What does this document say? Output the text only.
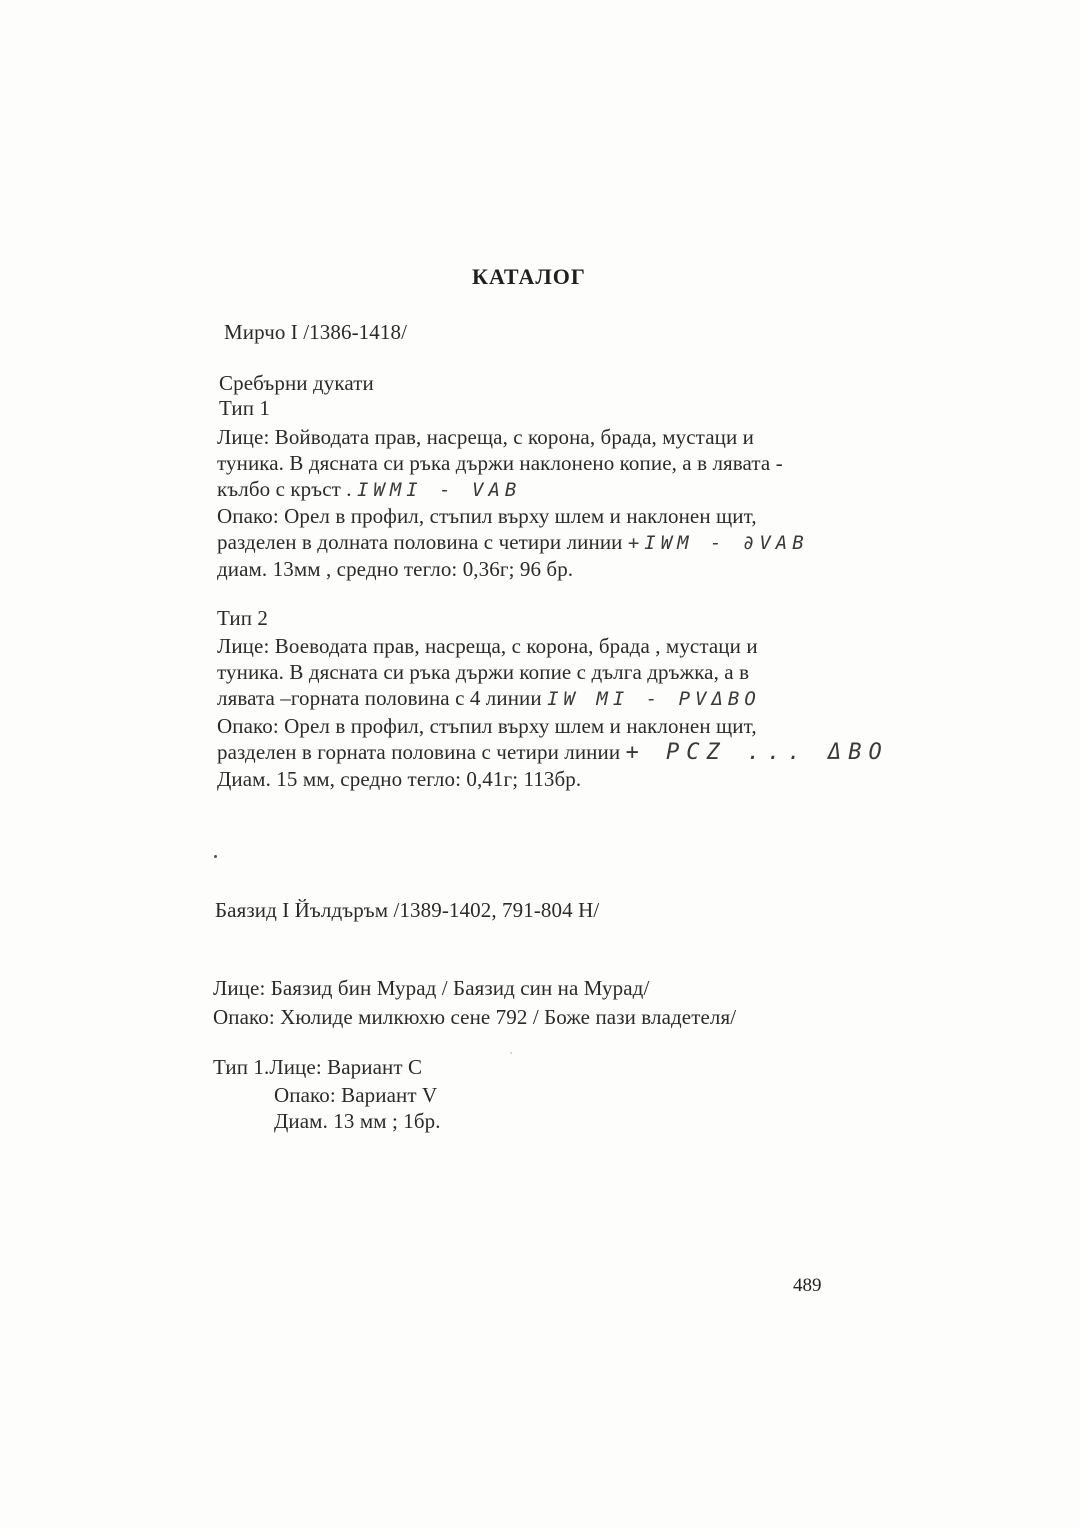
КАТАЛОГ
Мирчо I /1386-1418/
Сребърни дукати
Тип 1
Лице: Войводата прав, насреща, с корона, брада, мустаци и
туника. В дясната си ръка държи наклонено копие, а в лявата -
кълбо с кръст . IWMI - VAB
Опако: Орел в профил, стъпил върху шлем и наклонен щит,
разделен в долната половина с четири линии +IWM - ∂VAB
диам. 13мм , средно тегло: 0,36г; 96 бр.
Тип 2
Лице: Воеводата прав, насреща, с корона, брада , мустаци и
туника. В дясната си ръка държи копие с дълга дръжка, а в
лявата –горната половина с 4 линии IW MI - PVΔBO
Опако: Орел в профил, стъпил върху шлем и наклонен щит,
разделен в горната половина с четири линии + PCZ ... ΔBO
Диам. 15 мм, средно тегло: 0,41г; 113бр.
Баязид I Йълдъръм /1389-1402, 791-804 H/
Лице: Баязид бин Мурад / Баязид син на Мурад/
Опако: Хюлиде милкюхю сене 792 / Боже пази владетеля/
Тип 1.Лице: Вариант C
Опако: Вариант V
Диам. 13 мм ; 1бр.
489
